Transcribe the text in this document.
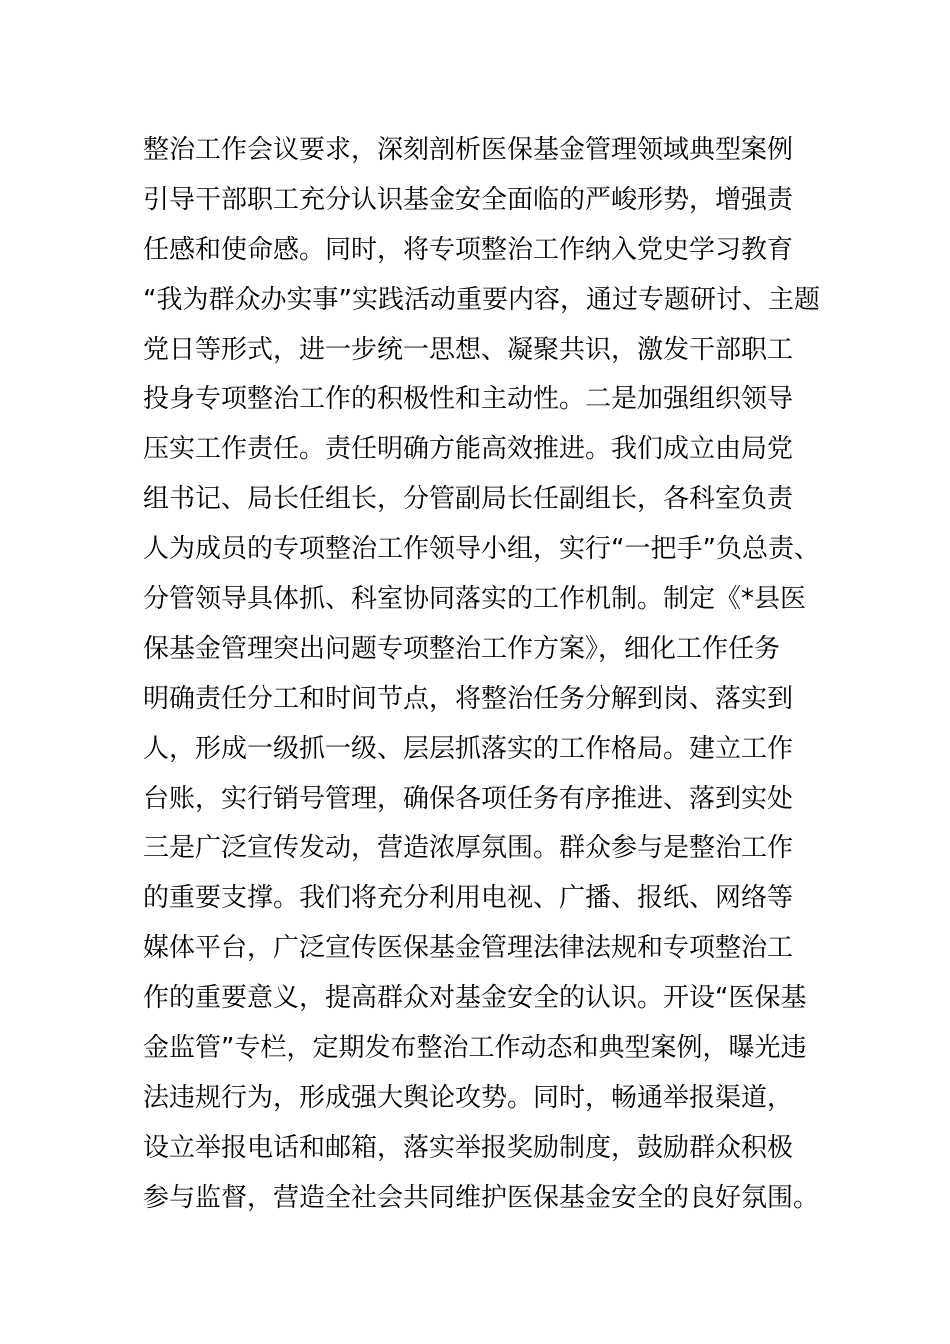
整治工作会议要求，深刻剖析医保基金管理领域典型案例
引导干部职工充分认识基金安全面临的严峻形势，增强责
任感和使命感。同时，将专项整治工作纳入党史学习教育
“我为群众办实事”实践活动重要内容，通过专题研讨、主题
党日等形式，进一步统一思想、凝聚共识，激发干部职工
投身专项整治工作的积极性和主动性。二是加强组织领导
压实工作责任。责任明确方能高效推进。我们成立由局党
组书记、局长任组长，分管副局长任副组长，各科室负责
人为成员的专项整治工作领导小组，实行“一把手”负总责、
分管领导具体抓、科室协同落实的工作机制。制定《*县医
保基金管理突出问题专项整治工作方案》，细化工作任务
明确责任分工和时间节点，将整治任务分解到岗、落实到
人，形成一级抓一级、层层抓落实的工作格局。建立工作
台账，实行销号管理，确保各项任务有序推进、落到实处
三是广泛宣传发动，营造浓厚氛围。群众参与是整治工作
的重要支撑。我们将充分利用电视、广播、报纸、网络等
媒体平台，广泛宣传医保基金管理法律法规和专项整治工
作的重要意义，提高群众对基金安全的认识。开设“医保基
金监管”专栏，定期发布整治工作动态和典型案例，曝光违
法违规行为，形成强大舆论攻势。同时，畅通举报渠道，
设立举报电话和邮箱，落实举报奖励制度，鼓励群众积极
参与监督，营造全社会共同维护医保基金安全的良好氛围。
